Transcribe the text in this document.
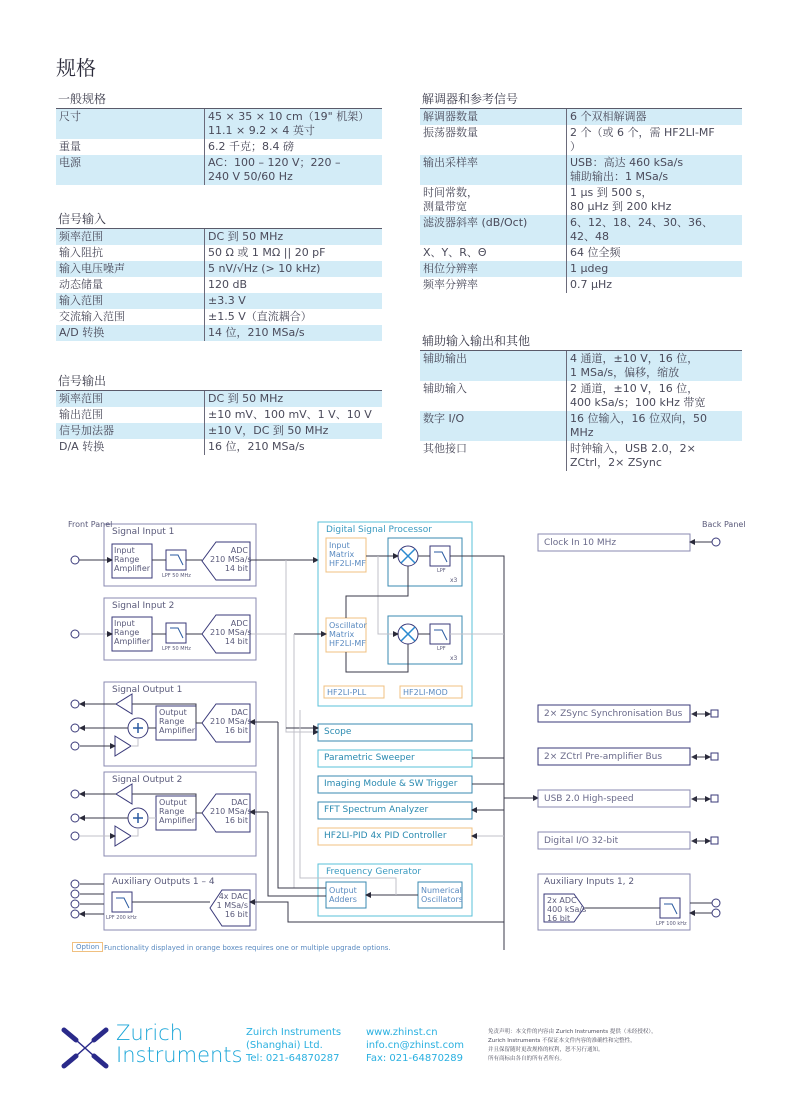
规格
一般规格
尺寸	45 × 35 × 10 cm（19" 机架）
11.1 × 9.2 × 4 英寸
重量	6.2 千克；8.4 磅
电源	AC：100 – 120 V；220 –
240 V 50/60 Hz
信号输入
频率范围	DC 到 50 MHz
输入阻抗	50 Ω 或 1 MΩ || 20 pF
输入电压噪声	5 nV/√Hz (> 10 kHz)
动态储量	120 dB
输入范围	±3.3 V
交流输入范围	±1.5 V（直流耦合）
A/D 转换	14 位，210 MSa/s
信号输出
频率范围	DC 到 50 MHz
输出范围	±10 mV、100 mV、1 V、10 V
信号加法器	±10 V，DC 到 50 MHz
D/A 转换	16 位，210 MSa/s
解调器和参考信号
解调器数量	6 个双相解调器
振荡器数量	2 个（或 6 个，需 HF2LI-MF
）
输出采样率	USB：高达 460 kSa/s
辅助输出：1 MSa/s
时间常数，
测量带宽	1 μs 到 500 s，
80 μHz 到 200 kHz
滤波器斜率 (dB/Oct)	6、12、18、24、30、36、
42、48
X、Y、R、Θ	64 位全频
相位分辨率	1 μdeg
频率分辨率	0.7 μHz
辅助输入输出和其他
辅助输出	4 通道，±10 V，16 位，
1 MSa/s，偏移，缩放
辅助输入	2 通道，±10 V，16 位，
400 kSa/s；100 kHz 带宽
数字 I/O	16 位输入，16 位双向，50
MHz
其他接口	时钟输入，USB 2.0，2×
ZCtrl，2× ZSync
Front Panel	Back Panel
Signal Input 1
Input
Range
Amplifier
LPF 50 MHz
ADC
210 MSa/s
14 bit
Signal Input 2
Input
Range
Amplifier
LPF 50 MHz
ADC
210 MSa/s
14 bit
Digital Signal Processor
Input
Matrix
HF2LI-MF
Oscillator
Matrix
HF2LI-MF
LPF
LPF
x3
x3
HF2LI-PLL	HF2LI-MOD
Signal Output 1
Output
Range
Amplifier
DAC
210 MSa/s
16 bit
Signal Output 2
Output
Range
Amplifier
DAC
210 MSa/s
16 bit
Auxiliary Outputs 1 – 4
LPF 200 kHz
4x DAC
1 MSa/s
16 bit
Scope
Parametric Sweeper
Imaging Module & SW Trigger
FFT Spectrum Analyzer
HF2LI-PID 4x PID Controller
Frequency Generator
Output
Adders
Numerical
Oscillators
Clock In 10 MHz
2× ZSync Synchronisation Bus
2× ZCtrl Pre-amplifier Bus
USB 2.0 High-speed
Digital I/O 32-bit
Auxiliary Inputs 1, 2
2x ADC
400 kSa/s
16 bit
LPF 100 kHz
Option Functionality displayed in orange boxes requires one or multiple upgrade options.
Zurich
Instruments
Zuirch Instruments
(Shanghai) Ltd.
Tel: 021-64870287
www.zhinst.cn
info.cn@zhinst.com
Fax: 021-64870289
免责声明：本文件的内容由 Zurich Instruments 提供（未经授权），
Zurich Instruments 不保证本文件内容的准确性和完整性，
并且保留随时更改规格的权利，恕不另行通知。
所有商标由各自的所有者所有。
